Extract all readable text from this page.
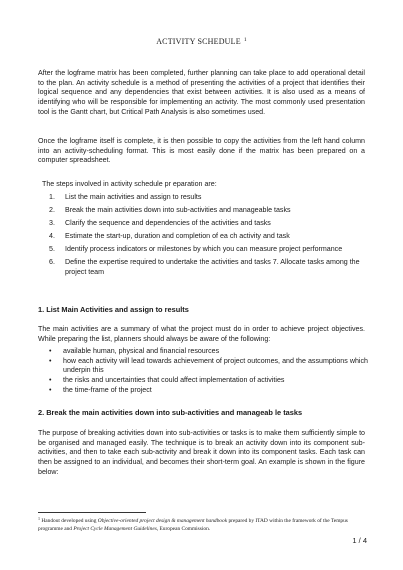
ACTIVITY SCHEDULE $^1$

After the logframe matrix has been completed, further planning can take place to add operational detail to the plan. An activity schedule is a method of presenting the activities of a project that identifies their logical sequence and any dependencies that exist between activities. It is also used as a means of identifying who will be responsible for implementing an activity. The most commonly used presentation tool is the Gantt chart, but Critical Path Analysis is also sometimes used.

Once the logframe itself is complete, it is then possible to copy the activities from the left hand column into an activity-scheduling format. This is most easily done if the matrix has been prepared on a computer spreadsheet.

The steps involved in activity schedule pr eparation are:
1. List the main activities and assign to results
2. Break the main activities down into sub-activities and manageable tasks
3. Clarify the sequence and dependencies of the activities and tasks
4. Estimate the start-up, duration and completion of ea ch activity and task
5. Identify process indicators or milestones by which you can measure project performance
6. Define the expertise required to undertake the activities and tasks 7. Allocate tasks among the project team
1. List Main Activities and assign to results

The main activities are a summary of what the project must do in order to achieve project objectives. While preparing the list, planners should always be aware of the following:

• available human, physical and financial resources
• how each activity will lead towards achievement of project outcomes, and the assumptions which underpin this
• the risks and uncertainties that could affect implementation of activities
• the time-frame of the project
2. Break the main activities down into sub-activities and manageab le tasks

The purpose of breaking activities down into sub-activities or tasks is to make them sufficiently simple to be organised and managed easily. The technique is to break an activity down into its component sub-activities, and then to take each sub-activity and break it down into its component tasks. Each task can then be assigned to an individual, and becomes their short-term goal. An example is shown in the figure below:

$^1$ Handout developed using Objective-oriented project design & management handbook prepared by ITAD within the framework of the Tempus programme and Project Cycle Management Guidelines, European Commission.
1 / 4
